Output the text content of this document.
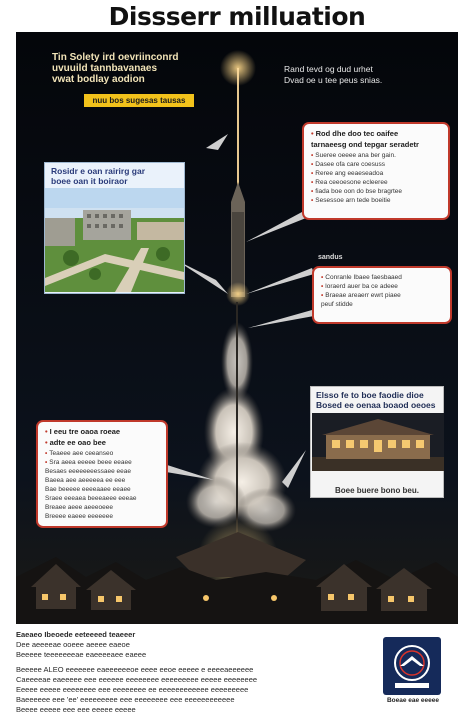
Dissserr milluation
Tin Solety ird oevriinconrd
uvuuild tannbavanaes
vwat bodlay aodion
nuu bos sugesas tausas
Rand tevd og dud urhet
Dvad oe u tee peus snias.
Rosidr e oan rairirg gar
boee oan it boiraor
• Rod dhe doo tec oaifee
tarnaeesg ond tepgar seradetr
• Sueree oeeee ana ber gain.
• Dasee ofa care coesuss
• Reree ang eeaeseadoa
• Rea ceeoesone ecleeree
• fiada boe oon do bse bragrtee
• Sesessoe arn tede boeitie
sandus
• Conranle Ibaee faesbaaed
• loraerd auer ba ce adeee
• Braeae areaerr ewrt piaee
peuf stidde
• I eeu tre oaoa roeae
• adte ee oao bee
• Teaeee aee ceeanseo
• Sra aeea eeeee beee eeaee
Besaes eeeeeeeessaee eeae
Baeea aee aeeeeea ee eee
Bae beeeee eeeeaaee eeaee
Sraee eeeaea beeeaeee eeeae
Breaee aeee aeeeoeee
Breeee eaeee eeeeeee
Elsso fe to boe faodie dioe
Bosed ee oenaa boaod oeoes
Boee buere bono beu.
Eaeaeo Ibeoede eeteeeed teaeeer
Dee aeeeeae ooeee aeeee eaeoe
Beeeee teeeeeeeae eaeeeeaee eaeee
Beeeee ALEO eeeeeee eaeeeeeeoe eeee eeoe eeeee e eeeeaeeeeee
Caeeeeae eaeeeee eee eeeeee eeeeeeee eeeeeeeee eeeee eeeeeeee
Eeeee eeeee eeeeeeee eee eeeeeeee ee eeeeeeeeeeee eeeeeeeee
Baeeeeee eee 'ee' eeeeeeeee eee eeeeeeee eee eeeeeeeeeeee
Beeee eeeee eee eee eeeee eeeee
Boeae eae eeeee
